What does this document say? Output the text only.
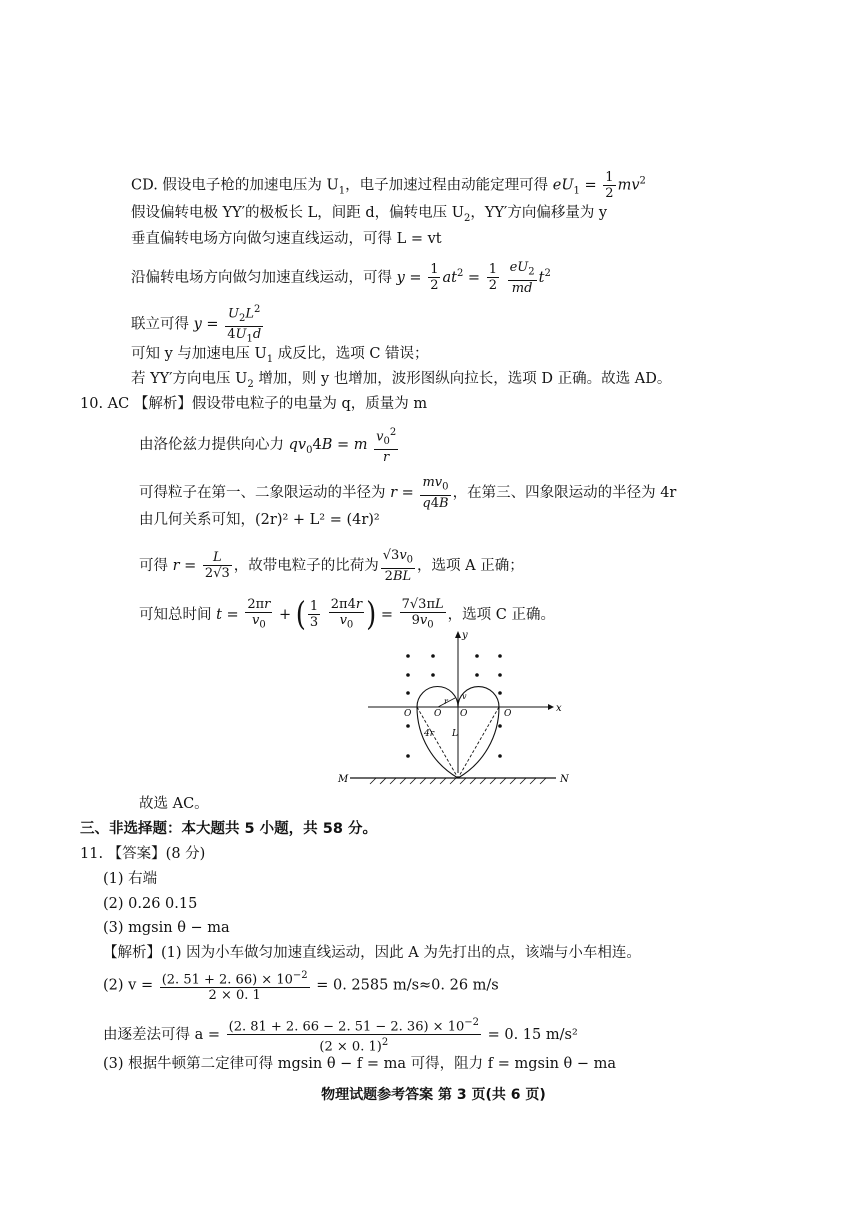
CD. 假设电子枪的加速电压为 $U_1$，电子加速过程由动能定理可得 $eU_1 = \frac{1}{2} mv^2$
假设偏转电极 YY′的极板长 L，间距 d，偏转电压 $U_2$，YY′方向偏移量为 y
垂直偏转电场方向做匀速直线运动，可得 L = vt
沿偏转电场方向做匀加速直线运动，可得 $y = \frac{1}{2} at^2 = \frac{1}{2}$
$\frac{eU_2}{md} t^2$
联立可得 $y = \frac{U_2L^2}{4U_1d}$
可知 y 与加速电压 $U_1$ 成反比，选项 C 错误；
若 YY′方向电压 $U_2$ 增加，则 y 也增加，波形图纵向拉长，选项 D 正确。故选 AD。
10. AC 【解析】假设带电粒子的电量为 q，质量为 m
由洛伦兹力提供向心力 $qv_04B = m \frac{v_0^2}{r}$
可得粒子在第一、二象限运动的半径为 $r = \frac{mv_0}{q4B}$ ，在第三、四象限运动的半径为 4r
由几何关系可知，(2r)² + L² = (4r)²
可得 $r = \frac{L}{2√3}$ ，故带电粒子的比荷为 $\frac{√3v_0}{2BL}$ ，选项 A 正确；
可知总时间 $t = \frac{2\pi r}{v_0}$ + ( $\frac{1}{3}$
$\frac{2\pi 4r}{v_0}$ ) = $\frac{7√3\pi L}{9v_0}$ ，选项 C 正确。
x
y
O	O O	O
r
v
4r L
M	N
故选 AC。
三、非选择题：本大题共 5 小题，共 58 分。
11. 【答案】(8 分)
(1) 右端
(2) 0.26 0.15
(3) mgsin θ − ma
【解析】(1) 因为小车做匀加速直线运动，因此 A 为先打出的点，该端与小车相连。
(2) $v = \frac{(2. 51 + 2. 66) \times 10^{-2}}{2 \times 0. 1} = 0$. 2585 m/s≈0. 26 m/s
由逐差法可得 $a = \frac{(2. 81 + 2. 66 - 2. 51 - 2. 36) \times 10^{-2}}{(2 \times 0. 1)^2} = 0$. 15 m/s²
(3) 根据牛顿第二定律可得 mgsin θ − f = ma 可得，阻力 f = mgsin θ − ma
物理试题参考答案 第 3 页(共 6 页)
